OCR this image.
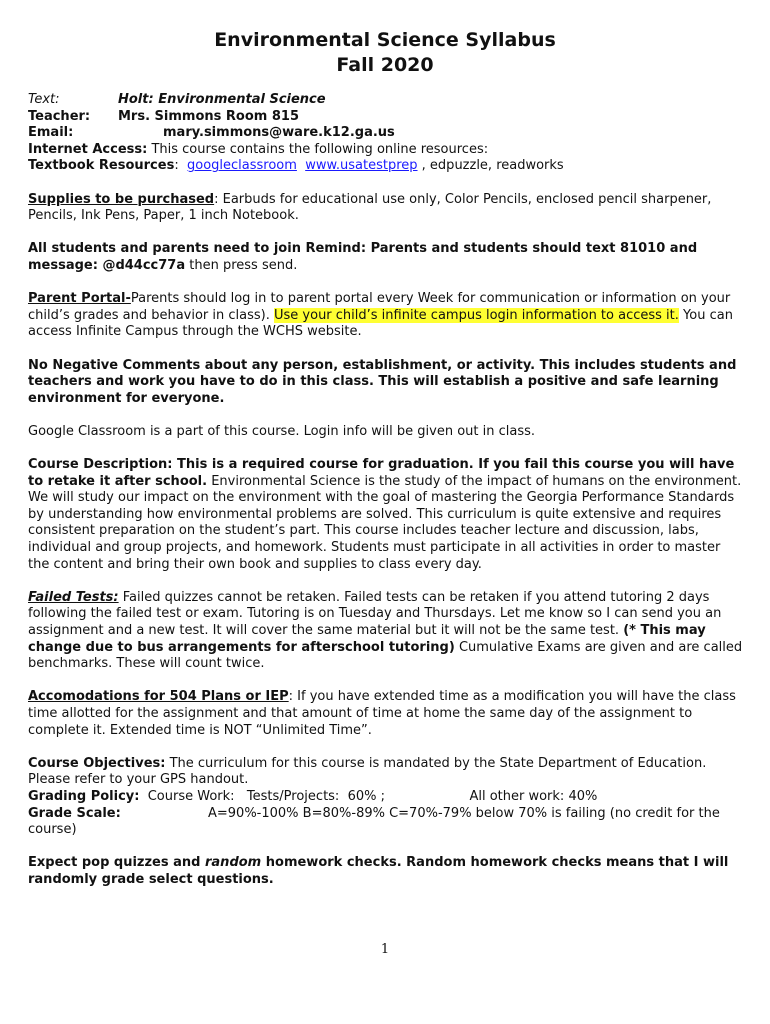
Environmental Science Syllabus
Fall 2020

Text:	Holt: Environmental Science
Teacher: Mrs. Simmons Room 815
Email:	mary.simmons@ware.k12.ga.us
Internet Access: This course contains the following online resources:
Textbook Resources: googleclassroom www.usatestprep , edpuzzle, readworks

Supplies to be purchased: Earbuds for educational use only, Color Pencils, enclosed pencil sharpener, Pencils, Ink Pens, Paper, 1 inch Notebook.

All students and parents need to join Remind: Parents and students should text 81010 and message: @d44cc77a then press send.

Parent Portal-Parents should log in to parent portal every Week for communication or information on your child’s grades and behavior in class). Use your child’s infinite campus login information to access it. You can access Infinite Campus through the WCHS website.

No Negative Comments about any person, establishment, or activity. This includes students and teachers and work you have to do in this class. This will establish a positive and safe learning environment for everyone.

Google Classroom is a part of this course. Login info will be given out in class.

Course Description: This is a required course for graduation. If you fail this course you will have to retake it after school. Environmental Science is the study of the impact of humans on the environment. We will study our impact on the environment with the goal of mastering the Georgia Performance Standards by understanding how environmental problems are solved. This curriculum is quite extensive and requires consistent preparation on the student’s part. This course includes teacher lecture and discussion, labs, individual and group projects, and homework. Students must participate in all activities in order to master the content and bring their own book and supplies to class every day.

Failed Tests: Failed quizzes cannot be retaken. Failed tests can be retaken if you attend tutoring 2 days following the failed test or exam. Tutoring is on Tuesday and Thursdays. Let me know so I can send you an assignment and a new test. It will cover the same material but it will not be the same test. (* This may change due to bus arrangements for afterschool tutoring) Cumulative Exams are given and are called benchmarks. These will count twice.

Accomodations for 504 Plans or IEP: If you have extended time as a modification you will have the class time allotted for the assignment and that amount of time at home the same day of the assignment to complete it. Extended time is NOT “Unlimited Time”.

Course Objectives: The curriculum for this course is mandated by the State Department of Education. Please refer to your GPS handout.
Grading Policy:  Course Work:   Tests/Projects:  60% ;	All other work: 40%
Grade Scale:	A=90%-100% B=80%-89% C=70%-79% below 70% is failing (no credit for the course)

Expect pop quizzes and random homework checks. Random homework checks means that I will randomly grade select questions.

1
